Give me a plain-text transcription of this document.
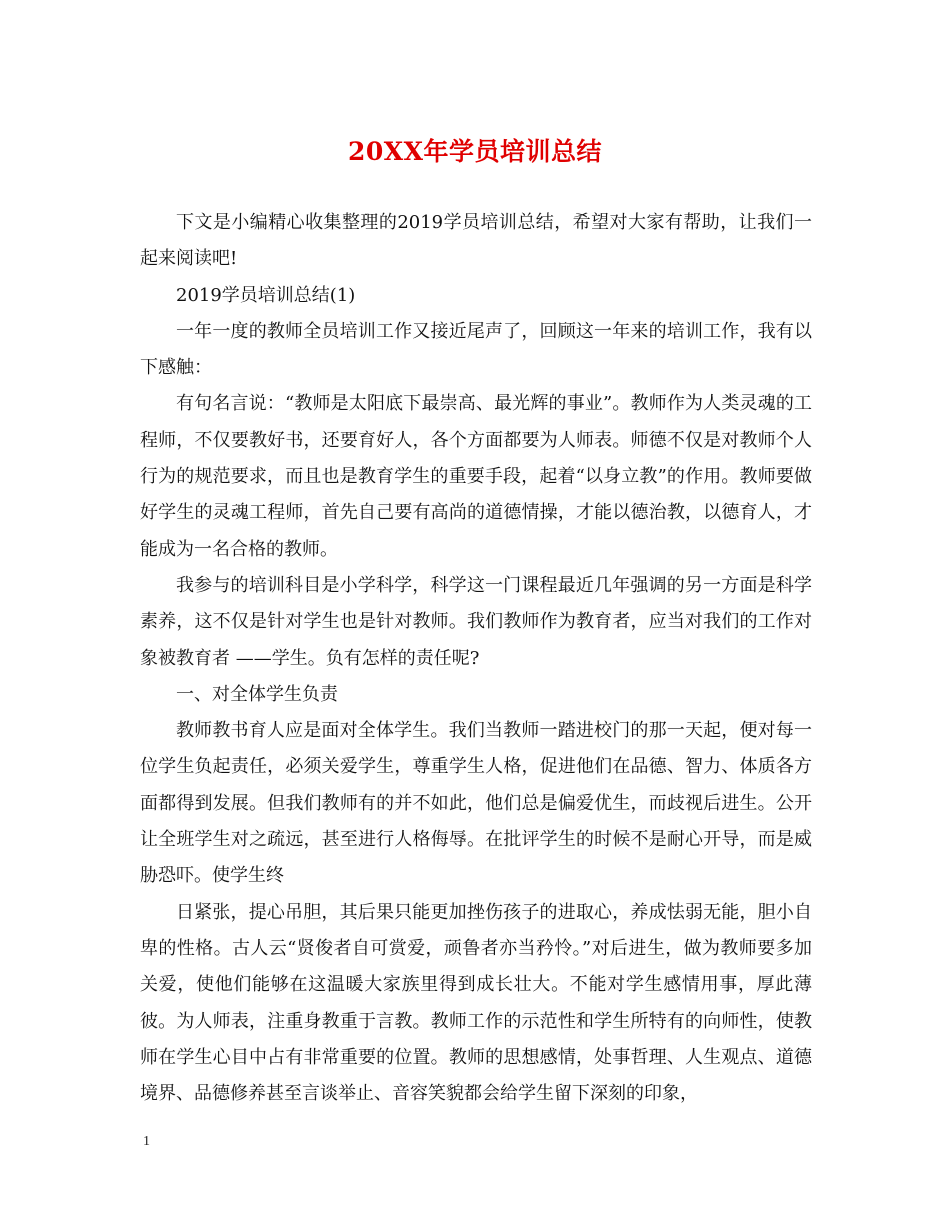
20XX年学员培训总结

下文是小编精心收集整理的2019学员培训总结，希望对大家有帮助，让我们一起来阅读吧!

2019学员培训总结(1)

一年一度的教师全员培训工作又接近尾声了，回顾这一年来的培训工作，我有以下感触：

有句名言说：“教师是太阳底下最崇高、最光辉的事业”。教师作为人类灵魂的工程师，不仅要教好书，还要育好人，各个方面都要为人师表。师德不仅是对教师个人行为的规范要求，而且也是教育学生的重要手段，起着“以身立教”的作用。教师要做好学生的灵魂工程师，首先自己要有高尚的道德情操，才能以德治教，以德育人，才能成为一名合格的教师。

我参与的培训科目是小学科学，科学这一门课程最近几年强调的另一方面是科学素养，这不仅是针对学生也是针对教师。我们教师作为教育者，应当对我们的工作对象被教育者 ——学生。负有怎样的责任呢?

一、对全体学生负责

教师教书育人应是面对全体学生。我们当教师一踏进校门的那一天起，便对每一位学生负起责任，必须关爱学生，尊重学生人格，促进他们在品德、智力、体质各方面都得到发展。但我们教师有的并不如此，他们总是偏爱优生，而歧视后进生。公开让全班学生对之疏远，甚至进行人格侮辱。在批评学生的时候不是耐心开导，而是威胁恐吓。使学生终

日紧张，提心吊胆，其后果只能更加挫伤孩子的进取心，养成怯弱无能，胆小自卑的性格。古人云“贤俊者自可赏爱，顽鲁者亦当矜怜。”对后进生，做为教师要多加关爱，使他们能够在这温暖大家族里得到成长壮大。不能对学生感情用事，厚此薄彼。为人师表，注重身教重于言教。教师工作的示范性和学生所特有的向师性，使教师在学生心目中占有非常重要的位置。教师的思想感情，处事哲理、人生观点、道德境界、品德修养甚至言谈举止、音容笑貌都会给学生留下深刻的印象，

1
